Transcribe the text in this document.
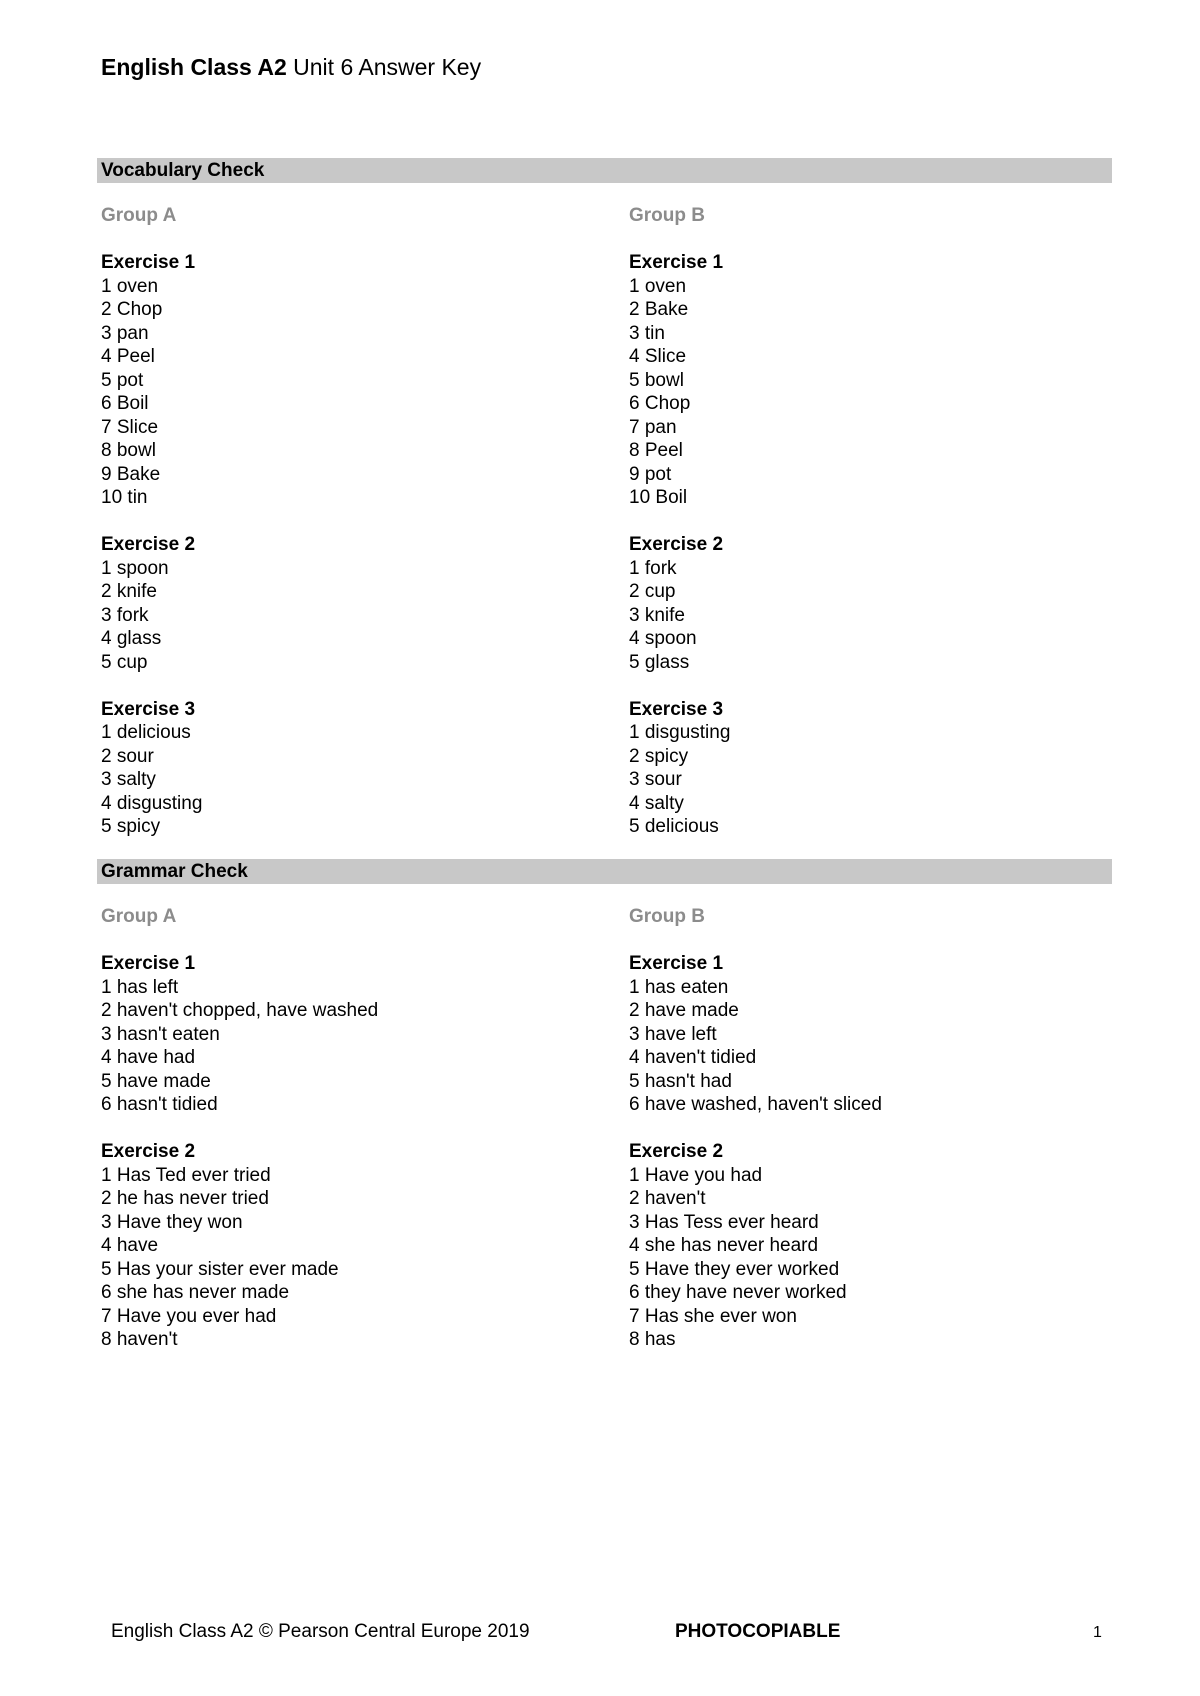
English Class A2 Unit 6 Answer Key
Vocabulary Check
Group A
Exercise 1
1 oven
2 Chop
3 pan
4 Peel
5 pot
6 Boil
7 Slice
8 bowl
9 Bake
10 tin
Exercise 2
1 spoon
2 knife
3 fork
4 glass
5 cup
Exercise 3
1 delicious
2 sour
3 salty
4 disgusting
5 spicy
Group B
Exercise 1
1 oven
2 Bake
3 tin
4 Slice
5 bowl
6 Chop
7 pan
8 Peel
9 pot
10 Boil
Exercise 2
1 fork
2 cup
3 knife
4 spoon
5 glass
Exercise 3
1 disgusting
2 spicy
3 sour
4 salty
5 delicious
Grammar Check
Group A
Exercise 1
1 has left
2 haven't chopped, have washed
3 hasn't eaten
4 have had
5 have made
6 hasn't tidied
Exercise 2
1 Has Ted ever tried
2 he has never tried
3 Have they won
4 have
5 Has your sister ever made
6 she has never made
7 Have you ever had
8 haven't
Group B
Exercise 1
1 has eaten
2 have made
3 have left
4 haven't tidied
5 hasn't had
6 have washed, haven't sliced
Exercise 2
1 Have you had
2 haven't
3 Has Tess ever heard
4 she has never heard
5 Have they ever worked
6 they have never worked
7 Has she ever won
8 has
English Class A2 © Pearson Central Europe 2019	PHOTOCOPIABLE	1
